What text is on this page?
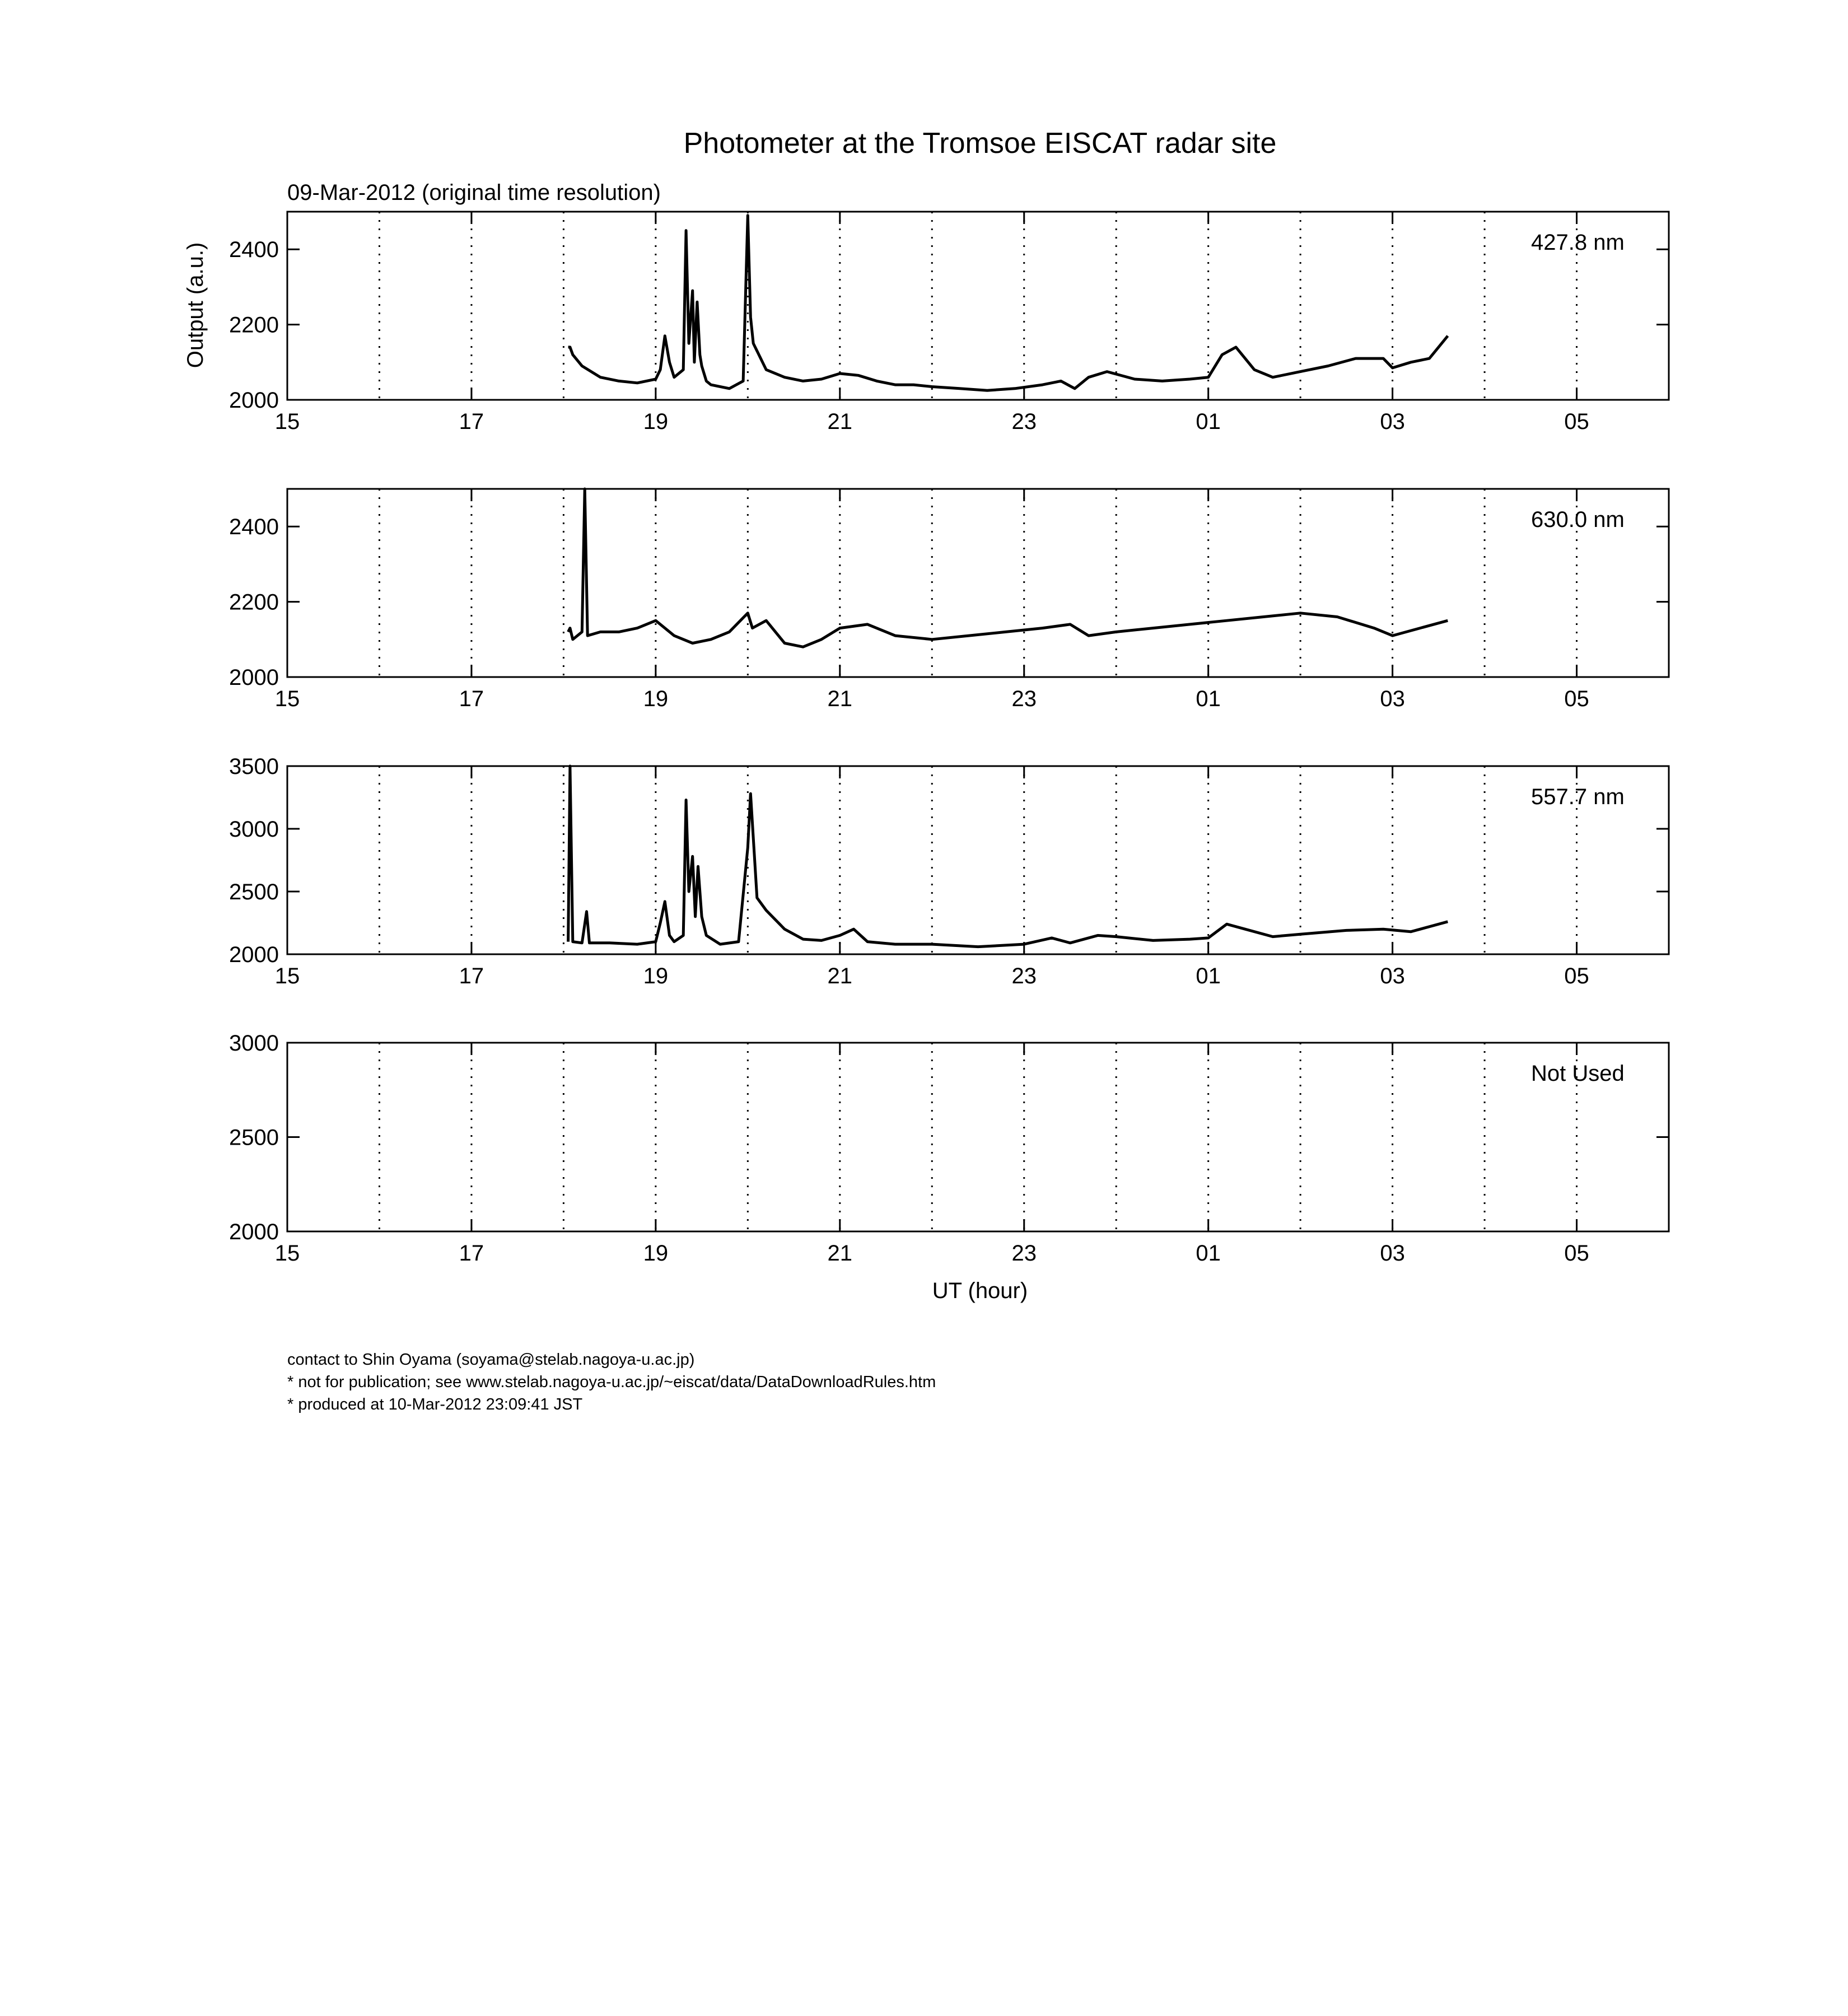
Photometer at the Tromsoe EISCAT radar site
09-Mar-2012 (original time resolution)
Output (a.u.)
UT (hour)
15	17	19	21	23	01	03	05
2000
2200
2400	427.8 nm
15	17	19	21	23	01	03	05
2000
2200
2400	630.0 nm
15	17	19	21	23	01	03	05
2000
2500
3000
3500
557.7 nm
15	17	19	21	23	01	03	05
2000
2500
3000
Not Used
contact to Shin Oyama (soyama@stelab.nagoya-u.ac.jp)
* not for publication; see www.stelab.nagoya-u.ac.jp/~eiscat/data/DataDownloadRules.htm
* produced at 10-Mar-2012 23:09:41 JST
